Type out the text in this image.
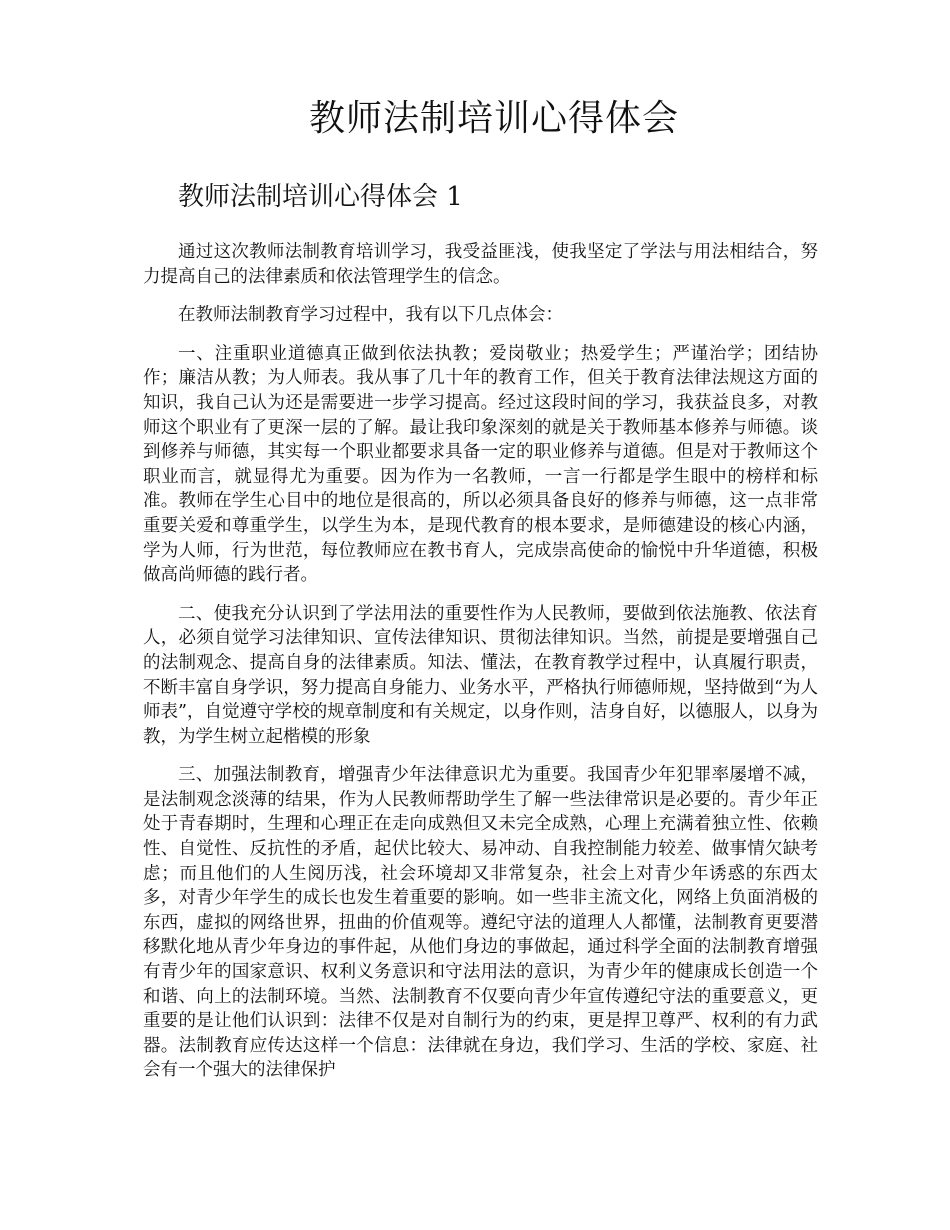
教师法制培训心得体会
教师法制培训心得体会 1

通过这次教师法制教育培训学习，我受益匪浅，使我坚定了学法与用法相结合，努力提高自己的法律素质和依法管理学生的信念。

在教师法制教育学习过程中，我有以下几点体会：

一、注重职业道德真正做到依法执教；爱岗敬业；热爱学生；严谨治学；团结协作；廉洁从教；为人师表。我从事了几十年的教育工作，但关于教育法律法规这方面的知识，我自己认为还是需要进一步学习提高。经过这段时间的学习，我获益良多，对教师这个职业有了更深一层的了解。最让我印象深刻的就是关于教师基本修养与师德。谈到修养与师德，其实每一个职业都要求具备一定的职业修养与道德。但是对于教师这个职业而言，就显得尤为重要。因为作为一名教师，一言一行都是学生眼中的榜样和标准。教师在学生心目中的地位是很高的，所以必须具备良好的修养与师德，这一点非常重要关爱和尊重学生，以学生为本，是现代教育的根本要求，是师德建设的核心内涵，学为人师，行为世范，每位教师应在教书育人，完成崇高使命的愉悦中升华道德，积极做高尚师德的践行者。

二、使我充分认识到了学法用法的重要性作为人民教师，要做到依法施教、依法育人，必须自觉学习法律知识、宣传法律知识、贯彻法律知识。当然，前提是要增强自己的法制观念、提高自身的法律素质。知法、懂法，在教育教学过程中，认真履行职责，不断丰富自身学识，努力提高自身能力、业务水平，严格执行师德师规，坚持做到“为人师表”，自觉遵守学校的规章制度和有关规定，以身作则，洁身自好，以德服人，以身为教，为学生树立起楷模的形象

三、加强法制教育，增强青少年法律意识尤为重要。我国青少年犯罪率屡增不减，是法制观念淡薄的结果，作为人民教师帮助学生了解一些法律常识是必要的。青少年正处于青春期时，生理和心理正在走向成熟但又未完全成熟，心理上充满着独立性、依赖性、自觉性、反抗性的矛盾，起伏比较大、易冲动、自我控制能力较差、做事情欠缺考虑；而且他们的人生阅历浅，社会环境却又非常复杂，社会上对青少年诱惑的东西太多，对青少年学生的成长也发生着重要的影响。如一些非主流文化，网络上负面消极的东西，虚拟的网络世界，扭曲的价值观等。遵纪守法的道理人人都懂，法制教育更要潜移默化地从青少年身边的事件起，从他们身边的事做起，通过科学全面的法制教育增强有青少年的国家意识、权利义务意识和守法用法的意识，为青少年的健康成长创造一个和谐、向上的法制环境。当然、法制教育不仅要向青少年宣传遵纪守法的重要意义，更重要的是让他们认识到：法律不仅是对自制行为的约束，更是捍卫尊严、权利的有力武器。法制教育应传达这样一个信息：法律就在身边，我们学习、生活的学校、家庭、社会有一个强大的法律保护
